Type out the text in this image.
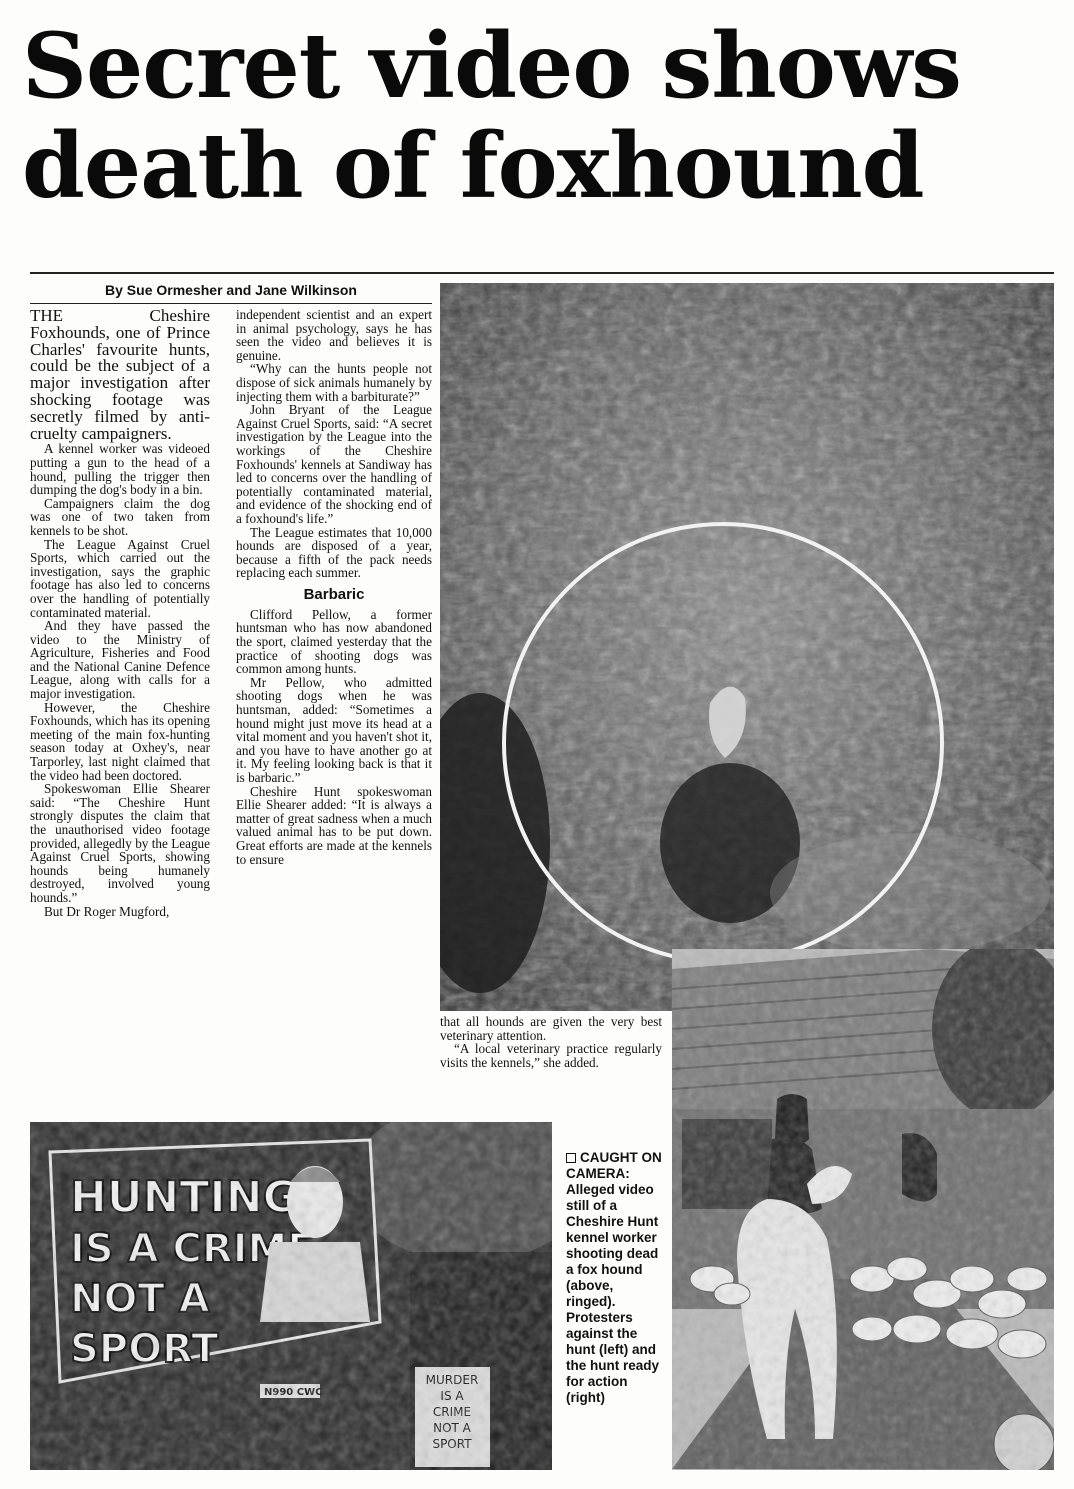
Secret video shows
death of foxhound
By Sue Ormesher and Jane Wilkinson

THE Cheshire Foxhounds, one of Prince Charles' favourite hunts, could be the subject of a major investigation after shocking footage was secretly filmed by anti-cruelty campaigners.

A kennel worker was videoed putting a gun to the head of a hound, pulling the trigger then dumping the dog's body in a bin.

Campaigners claim the dog was one of two taken from kennels to be shot.

The League Against Cruel Sports, which carried out the investigation, says the graphic footage has also led to concerns over the handling of potentially contaminated material.

And they have passed the video to the Ministry of Agriculture, Fisheries and Food and the National Canine Defence League, along with calls for a major investigation.

However, the Cheshire Foxhounds, which has its opening meeting of the main fox-hunting season today at Oxhey's, near Tarporley, last night claimed that the video had been doctored.

Spokeswoman Ellie Shearer said: “The Cheshire Hunt strongly disputes the claim that the unauthorised video footage provided, allegedly by the League Against Cruel Sports, showing hounds being humanely destroyed, involved young hounds.”

But Dr Roger Mugford,

independent scientist and an expert in animal psychology, says he has seen the video and believes it is genuine.

“Why can the hunts people not dispose of sick animals humanely by injecting them with a barbiturate?”

John Bryant of the League Against Cruel Sports, said: “A secret investigation by the League into the workings of the Cheshire Foxhounds' kennels at Sandiway has led to concerns over the handling of potentially contaminated material, and evidence of the shocking end of a foxhound's life.”

The League estimates that 10,000 hounds are disposed of a year, because a fifth of the pack needs replacing each summer.

Barbaric

Clifford Pellow, a former huntsman who has now abandoned the sport, claimed yesterday that the practice of shooting dogs was common among hunts.

Mr Pellow, who admitted shooting dogs when he was huntsman, added: “Sometimes a hound might just move its head at a vital moment and you haven't shot it, and you have to have another go at it. My feeling looking back is that it is barbaric.”

Cheshire Hunt spokeswoman Ellie Shearer added: “It is always a matter of great sadness when a much valued animal has to be put down. Great efforts are made at the kennels to ensure

that all hounds are given the very best veterinary attention.

“A local veterinary practice regularly visits the kennels,” she added.

CAUGHT ON CAMERA:
Alleged video still of a Cheshire Hunt kennel worker shooting dead a fox hound (above, ringed). Protesters against the hunt (left) and the hunt ready for action (right)
